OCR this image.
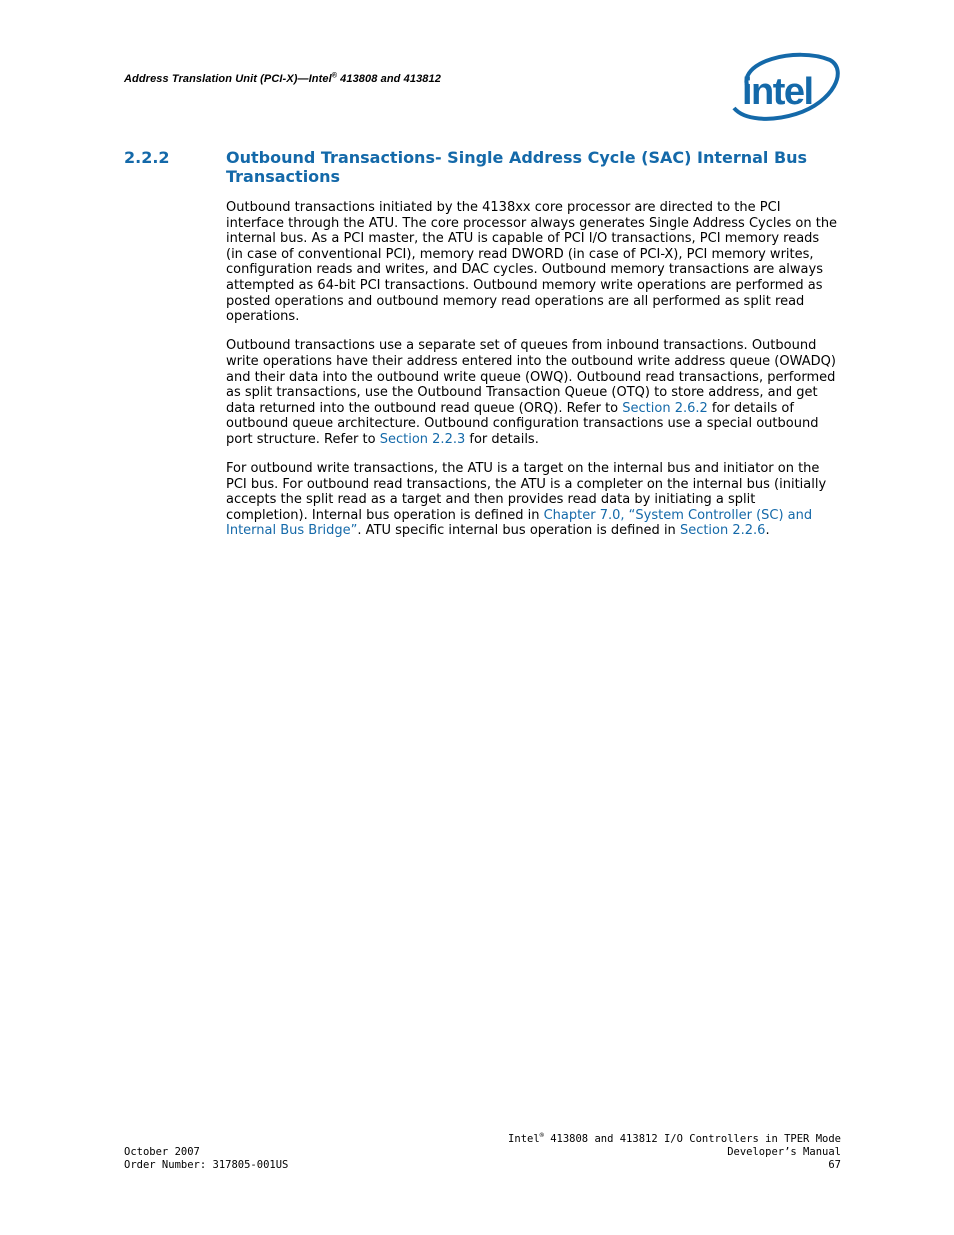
Address Translation Unit (PCI-X)—Intel® 413808 and 413812	intel
2.2.2	Outbound Transactions- Single Address Cycle (SAC) Internal Bus Transactions

Outbound transactions initiated by the 4138xx core processor are directed to the PCI interface through the ATU. The core processor always generates Single Address Cycles on the internal bus. As a PCI master, the ATU is capable of PCI I/O transactions, PCI memory reads (in case of conventional PCI), memory read DWORD (in case of PCI-X), PCI memory writes, configuration reads and writes, and DAC cycles. Outbound memory transactions are always attempted as 64-bit PCI transactions. Outbound memory write operations are performed as posted operations and outbound memory read operations are all performed as split read operations.

Outbound transactions use a separate set of queues from inbound transactions. Outbound write operations have their address entered into the outbound write address queue (OWADQ) and their data into the outbound write queue (OWQ). Outbound read transactions, performed as split transactions, use the Outbound Transaction Queue (OTQ) to store address, and get data returned into the outbound read queue (ORQ). Refer to Section 2.6.2 for details of outbound queue architecture. Outbound configuration transactions use a special outbound port structure. Refer to Section 2.2.3 for details.

For outbound write transactions, the ATU is a target on the internal bus and initiator on the PCI bus. For outbound read transactions, the ATU is a completer on the internal bus (initially accepts the split read as a target and then provides read data by initiating a split completion). Internal bus operation is defined in Chapter 7.0, “System Controller (SC) and Internal Bus Bridge”. ATU specific internal bus operation is defined in Section 2.2.6.

October 2007
Order Number: 317805-001US
Intel® 413808 and 413812 I/O Controllers in TPER Mode
Developer’s Manual
67
